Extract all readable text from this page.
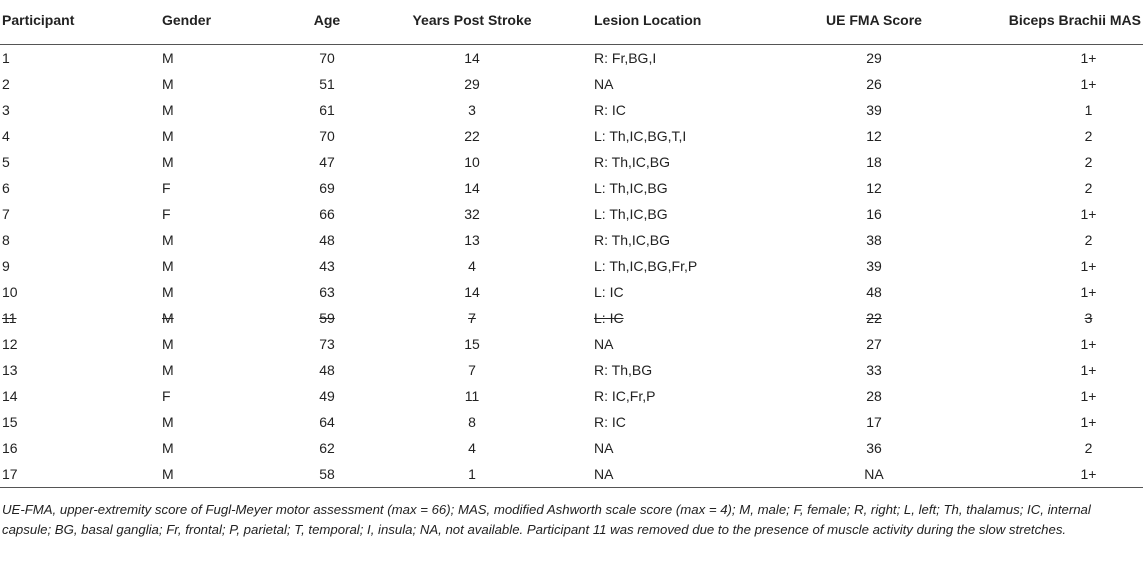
Participant	Gender	Age	Years Post Stroke	Lesion Location	UE FMA Score	Biceps Brachii MAS
1	M	70	14	R: Fr,BG,I	29	1+
2	M	51	29	NA	26	1+
3	M	61	3	R: IC	39	1
4	M	70	22	L: Th,IC,BG,T,I	12	2
5	M	47	10	R: Th,IC,BG	18	2
6	F	69	14	L: Th,IC,BG	12	2
7	F	66	32	L: Th,IC,BG	16	1+
8	M	48	13	R: Th,IC,BG	38	2
9	M	43	4	L: Th,IC,BG,Fr,P	39	1+
10	M	63	14	L: IC	48	1+
11	M	59	7	L: IC	22	3
12	M	73	15	NA	27	1+
13	M	48	7	R: Th,BG	33	1+
14	F	49	11	R: IC,Fr,P	28	1+
15	M	64	8	R: IC	17	1+
16	M	62	4	NA	36	2
17	M	58	1	NA	NA	1+
UE-FMA, upper-extremity score of Fugl-Meyer motor assessment (max = 66); MAS, modified Ashworth scale score (max = 4); M, male; F, female; R, right; L, left; Th, thalamus; IC, internal capsule; BG, basal ganglia; Fr, frontal; P, parietal; T, temporal; I, insula; NA, not available. Participant 11 was removed due to the presence of muscle activity during the slow stretches.
